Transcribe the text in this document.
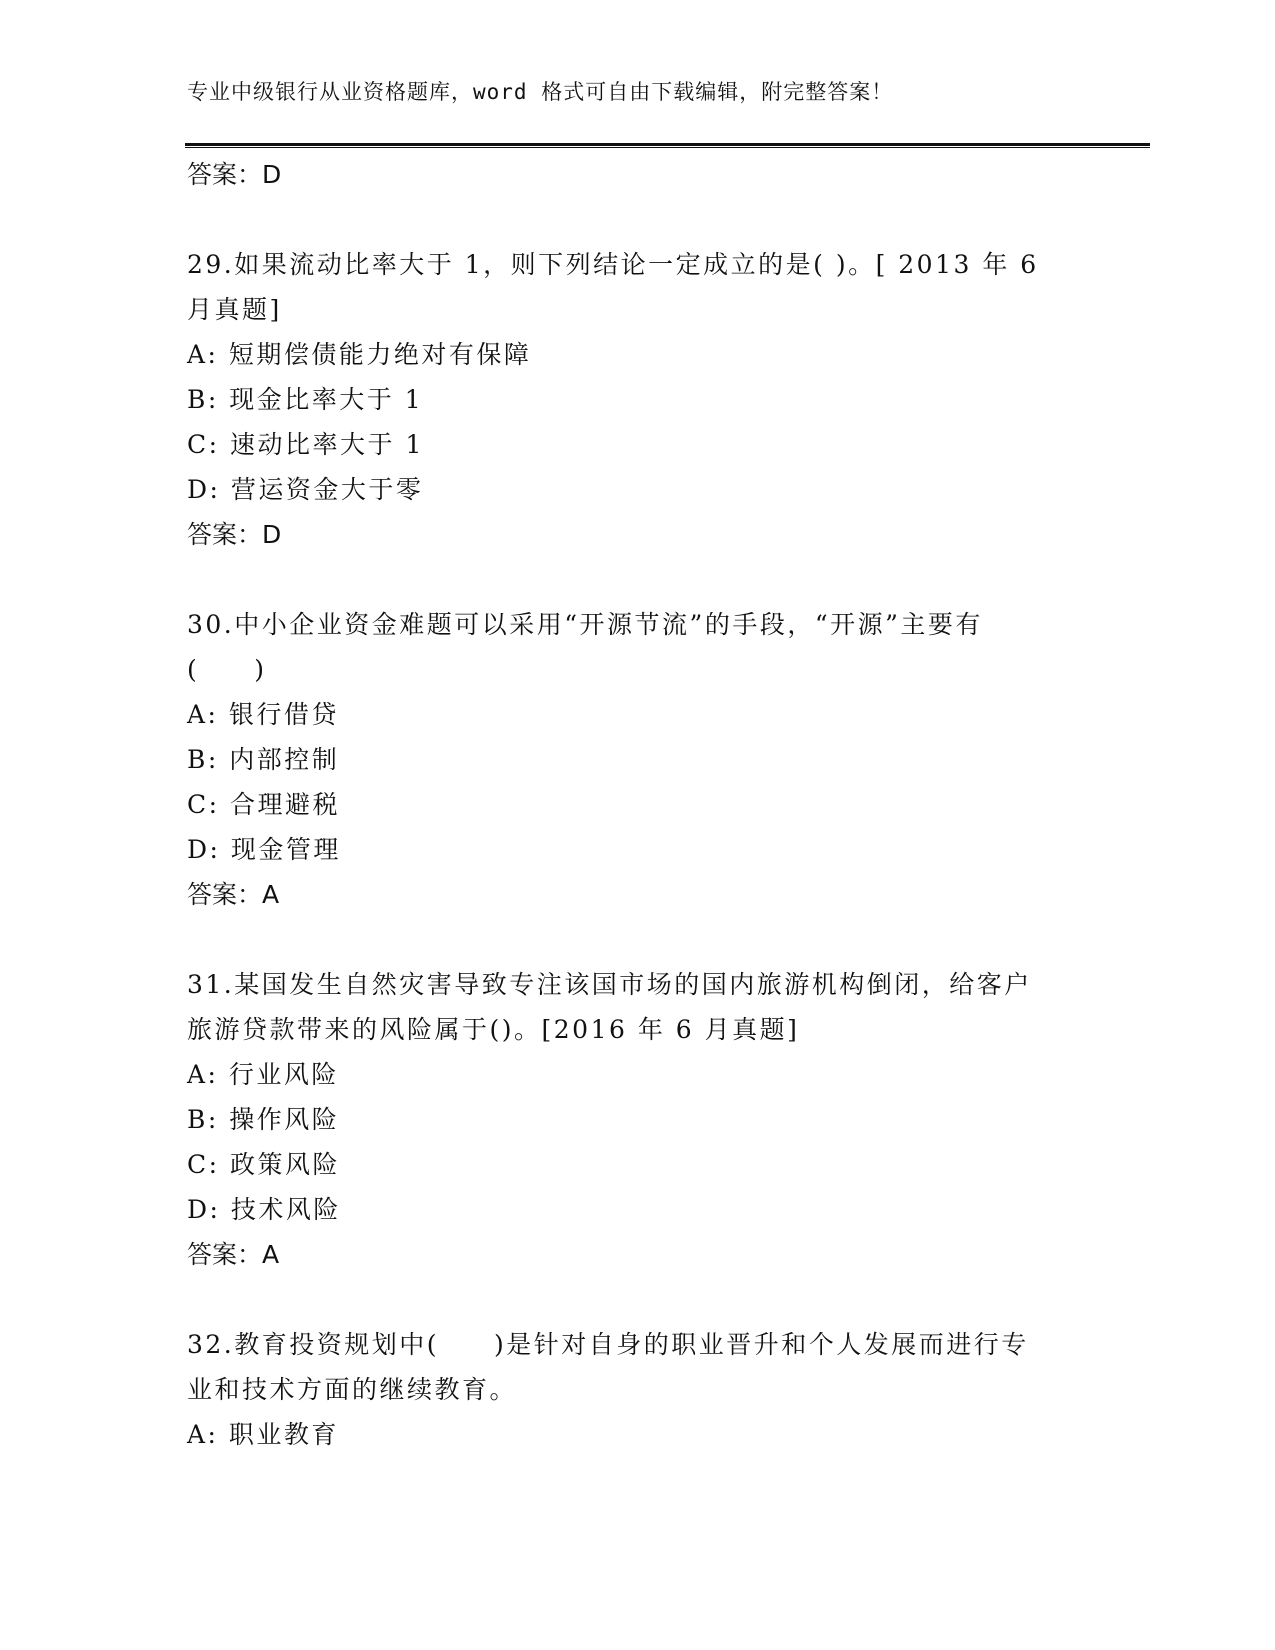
专业中级银行从业资格题库，word 格式可自由下载编辑，附完整答案！
答案：D
29.如果流动比率大于 1，则下列结论一定成立的是( )。[ 2013 年 6
月真题]
A: 短期偿债能力绝对有保障
B: 现金比率大于 1
C: 速动比率大于 1
D: 营运资金大于零
答案：D
30.中小企业资金难题可以采用“开源节流”的手段，“开源”主要有
(　　)
A: 银行借贷
B: 内部控制
C: 合理避税
D: 现金管理
答案：A
31.某国发生自然灾害导致专注该国市场的国内旅游机构倒闭，给客户
旅游贷款带来的风险属于()。[2016 年 6 月真题]
A: 行业风险
B: 操作风险
C: 政策风险
D: 技术风险
答案：A
32.教育投资规划中(　　)是针对自身的职业晋升和个人发展而进行专
业和技术方面的继续教育。
A: 职业教育
